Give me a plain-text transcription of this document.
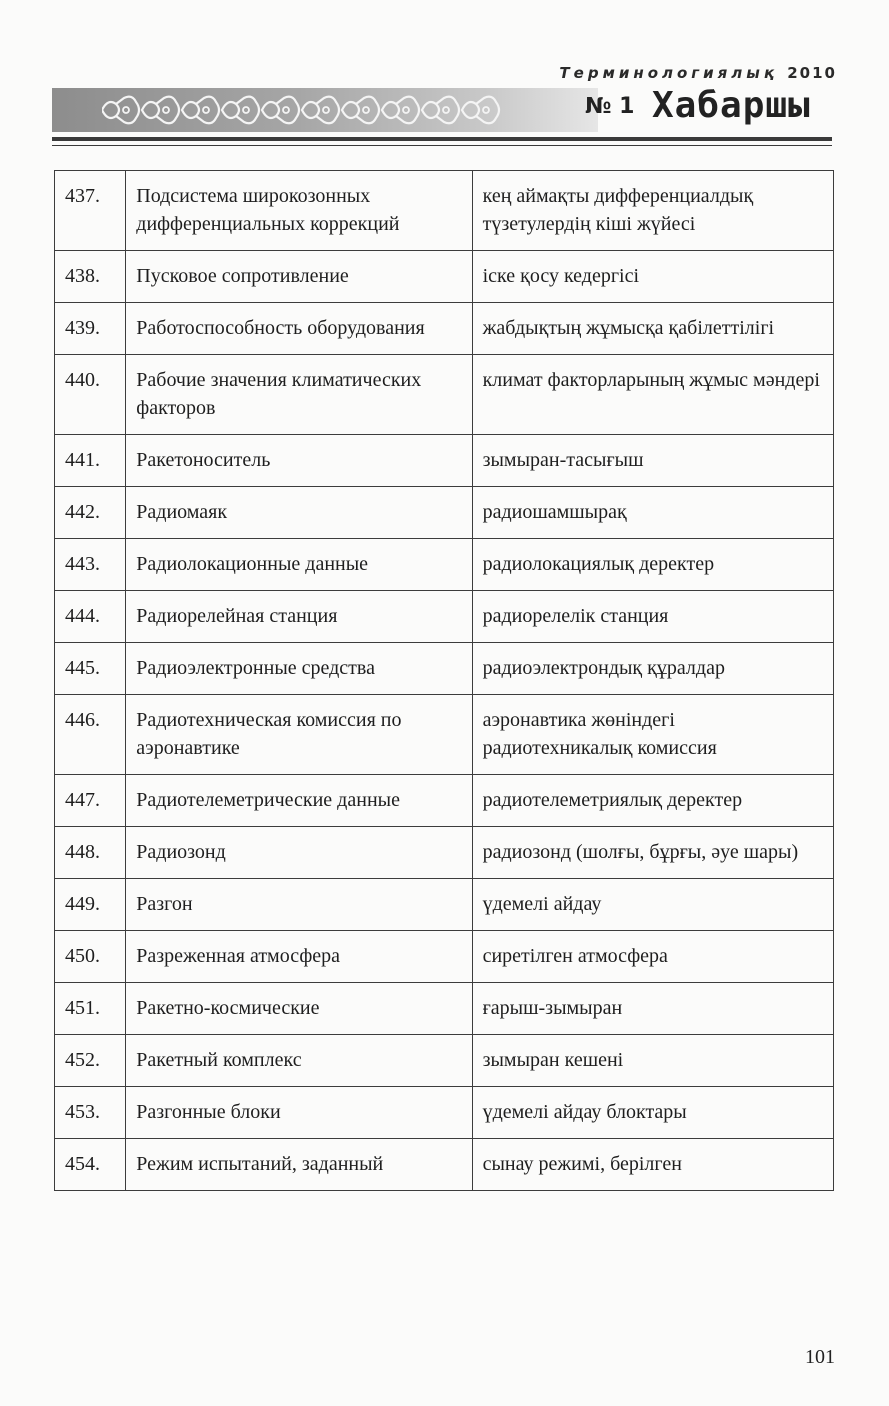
Терминологиялық 2010
№ 1 Хабаршы
437.	Подсистема широкозонных дифференциальных коррекций	кең аймақты дифференциалдық түзетулердің кіші жүйесі
438.	Пусковое сопротивление	іске қосу кедергісі
439.	Работоспособность оборудования	жабдықтың жұмысқа қабілеттілігі
440.	Рабочие значения климатических факторов	климат факторларының жұмыс мәндері
441.	Ракетоноситель	зымыран-тасығыш
442.	Радиомаяк	радиошамшырақ
443.	Радиолокационные данные	радиолокациялық деректер
444.	Радиорелейная станция	радиорелелік станция
445.	Радиоэлектронные средства	радиоэлектрондық құралдар
446.	Радиотехническая комиссия по аэронавтике	аэронавтика жөніндегі радиотехникалық комиссия
447.	Радиотелеметрические данные	радиотелеметриялық деректер
448.	Радиозонд	радиозонд (шолғы, бұрғы, әуе шары)
449.	Разгон	үдемелі айдау
450.	Разреженная атмосфера	сиретілген атмосфера
451.	Ракетно-космические	ғарыш-зымыран
452.	Ракетный комплекс	зымыран кешені
453.	Разгонные блоки	үдемелі айдау блоктары
454.	Режим испытаний, заданный	сынау режимі, берілген
101
